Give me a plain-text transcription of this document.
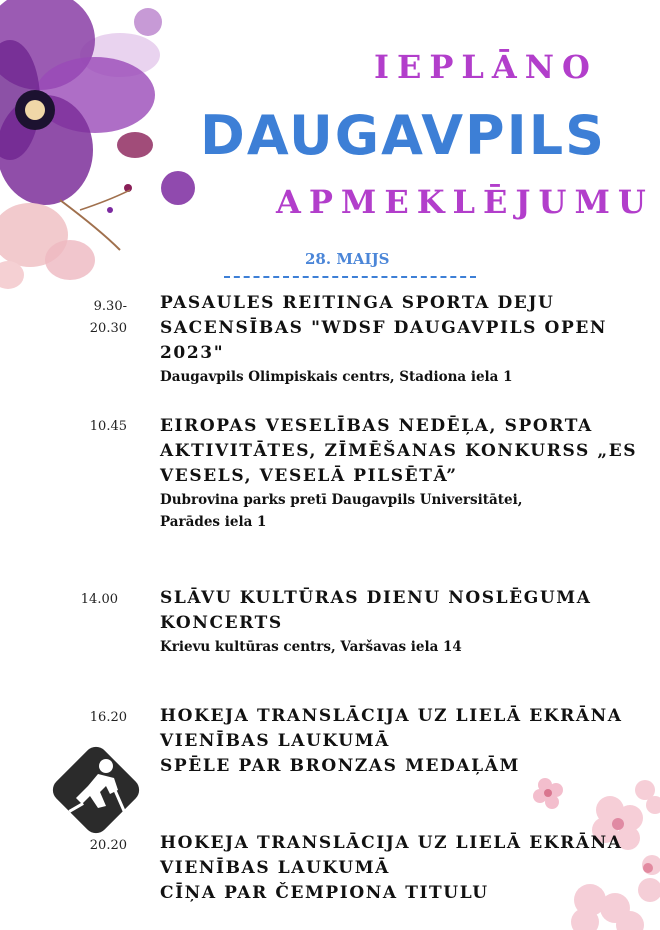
IEPLĀNO
DAUGAVPILS
APMEKLĒJUMU
28. MAIJS
9.30-
20.30
PASAULES REITINGA SPORTA DEJU
SACENSĪBAS "WDSF DAUGAVPILS OPEN 2023"
Daugavpils Olimpiskais centrs, Stadiona iela 1
10.45 EIROPAS VESELĪBAS NEDĒĻA, SPORTA
AKTIVITĀTES, ZĪMĒŠANAS KONKURSS „ES
VESELS, VESELĀ PILSĒTĀ”
Dubrovina parks pretī Daugavpils Universitātei,
Parādes iela 1
14.00 SLĀVU KULTŪRAS DIENU NOSLĒGUMA
KONCERTS
Krievu kultūras centrs, Varšavas iela 14
16.20 HOKEJA TRANSLĀCIJA UZ LIELĀ EKRĀNA
VIENĪBAS LAUKUMĀ
SPĒLE PAR BRONZAS MEDAĻĀM
20.20 HOKEJA TRANSLĀCIJA UZ LIELĀ EKRĀNA
VIENĪBAS LAUKUMĀ
CĪŅA PAR ČEMPIONA TITULU
